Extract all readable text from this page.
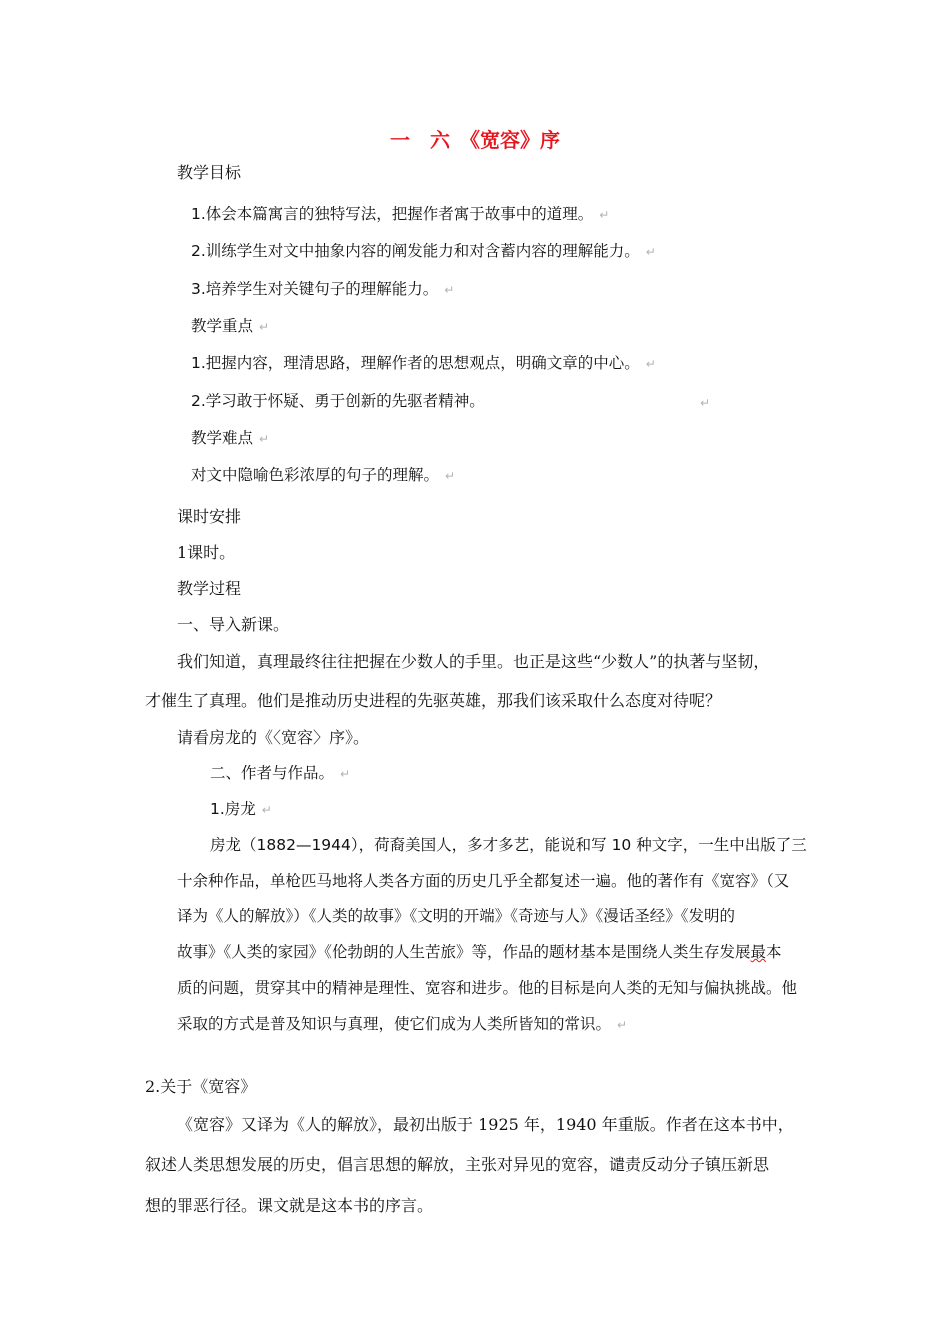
一　六　《宽容》序

教学目标

1.体会本篇寓言的独特写法，把握作者寓于故事中的道理。 ↵

2.训练学生对文中抽象内容的阐发能力和对含蓄内容的理解能力。 ↵

3.培养学生对关键句子的理解能力。 ↵

教学重点 ↵

1.把握内容，理清思路，理解作者的思想观点，明确文章的中心。 ↵

2.学习敢于怀疑、勇于创新的先驱者精神。	↵

教学难点 ↵

对文中隐喻色彩浓厚的句子的理解。 ↵

课时安排

1课时。

教学过程

一、导入新课。

我们知道，真理最终往往把握在少数人的手里。也正是这些“少数人”的执著与坚韧，

才催生了真理。他们是推动历史进程的先驱英雄，那我们该采取什么态度对待呢？

请看房龙的《〈宽容〉序》。

二、作者与作品。 ↵

1.房龙 ↵

房龙（1882—1944），荷裔美国人，多才多艺，能说和写 10 种文字，一生中出版了三

十余种作品，单枪匹马地将人类各方面的历史几乎全都复述一遍。他的著作有《宽容》（又

译为《人的解放》）《人类的故事》《文明的开端》《奇迹与人》《漫话圣经》《发明的

故事》《人类的家园》《伦勃朗的人生苦旅》等，作品的题材基本是围绕人类生存发展最本

质的问题，贯穿其中的精神是理性、宽容和进步。他的目标是向人类的无知与偏执挑战。他

采取的方式是普及知识与真理，使它们成为人类所皆知的常识。 ↵

2.关于《宽容》

《宽容》又译为《人的解放》，最初出版于 1925 年，1940 年重版。作者在这本书中，

叙述人类思想发展的历史，倡言思想的解放，主张对异见的宽容，谴责反动分子镇压新思

想的罪恶行径。课文就是这本书的序言。
